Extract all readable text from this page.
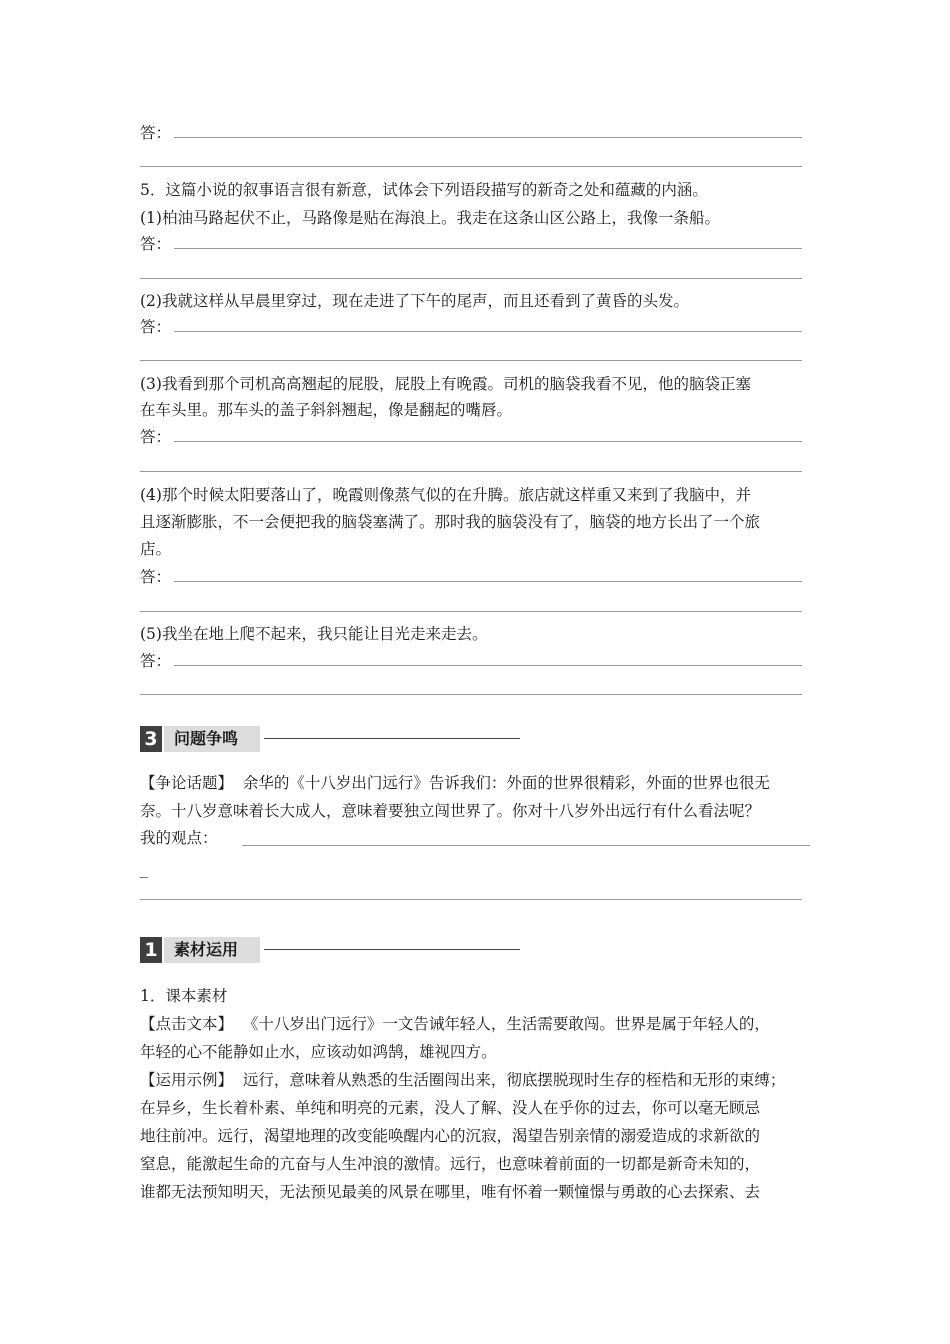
答：
5．这篇小说的叙事语言很有新意，试体会下列语段描写的新奇之处和蕴藏的内涵。
(1)柏油马路起伏不止，马路像是贴在海浪上。我走在这条山区公路上，我像一条船。
答：
(2)我就这样从早晨里穿过，现在走进了下午的尾声，而且还看到了黄昏的头发。
答：
(3)我看到那个司机高高翘起的屁股，屁股上有晚霞。司机的脑袋我看不见，他的脑袋正塞
在车头里。那车头的盖子斜斜翘起，像是翻起的嘴唇。
答：
(4)那个时候太阳要落山了，晚霞则像蒸气似的在升腾。旅店就这样重又来到了我脑中，并
且逐渐膨胀，不一会便把我的脑袋塞满了。那时我的脑袋没有了，脑袋的地方长出了一个旅
店。
答：
(5)我坐在地上爬不起来，我只能让目光走来走去。
答：
3	问题争鸣
【争论话题】 余华的《十八岁出门远行》告诉我们：外面的世界很精彩，外面的世界也很无
奈。十八岁意味着长大成人，意味着要独立闯世界了。你对十八岁外出远行有什么看法呢？
我的观点：
_
1	素材运用
1．课本素材
【点击文本】 《十八岁出门远行》一文告诫年轻人，生活需要敢闯。世界是属于年轻人的，
年轻的心不能静如止水，应该动如鸿鹄，雄视四方。
【运用示例】 远行，意味着从熟悉的生活圈闯出来，彻底摆脱现时生存的桎梏和无形的束缚；
在异乡，生长着朴素、单纯和明亮的元素，没人了解、没人在乎你的过去，你可以毫无顾忌
地往前冲。远行，渴望地理的改变能唤醒内心的沉寂，渴望告别亲情的溺爱造成的求新欲的
窒息，能激起生命的亢奋与人生冲浪的激情。远行，也意味着前面的一切都是新奇未知的，
谁都无法预知明天，无法预见最美的风景在哪里，唯有怀着一颗憧憬与勇敢的心去探索、去
